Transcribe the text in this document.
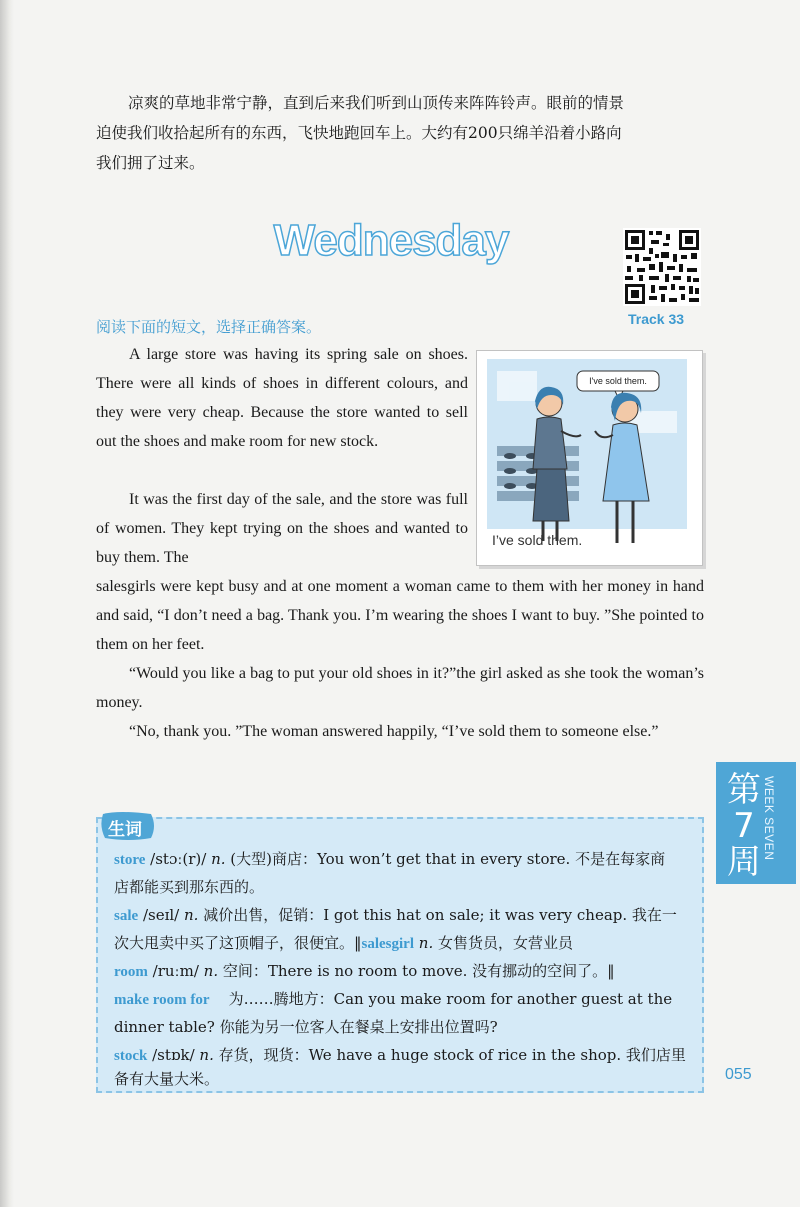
凉爽的草地非常宁静，直到后来我们听到山顶传来阵阵铃声。眼前的情景
迫使我们收拾起所有的东西，飞快地跑回车上。大约有200只绵羊沿着小路向
我们拥了过来。
Wednesday
Track 33
阅读下面的短文，选择正确答案。
A large store was having its spring sale on shoes. There were all kinds of shoes in different colours, and they were very cheap. Because the store wanted to sell out the shoes and make room for new stock.
It was the first day of the sale, and the store was full of women. They kept trying on the shoes and wanted to buy them. The
salesgirls were kept busy and at one moment a woman came to them with her money in hand and said, “I don’t need a bag. Thank you. I’m wearing the shoes I want to buy. ”She pointed to them on her feet.
“Would you like a bag to put your old shoes in it?”the girl asked as she took the woman’s money.
“No, thank you. ”The woman answered happily, “I’ve sold them to someone else.”
I've sold them.
I’ve sold them.
第7周
WEEK SEVEN
生词
store /stɔː(r)/ n. (大型)商店：You won’t get that in every store. 不是在每家商
店都能买到那东西的。
sale /seɪl/ n. 减价出售，促销：I got this hat on sale; it was very cheap. 我在一
次大甩卖中买了这顶帽子，很便宜。‖salesgirl n. 女售货员，女营业员
room /ruːm/ n. 空间：There is no room to move. 没有挪动的空间了。‖
make room for 为……腾地方：Can you make room for another guest at the
dinner table? 你能为另一位客人在餐桌上安排出位置吗?
stock /stɒk/ n. 存货，现货：We have a huge stock of rice in the shop. 我们店里
备有大量大米。	055
